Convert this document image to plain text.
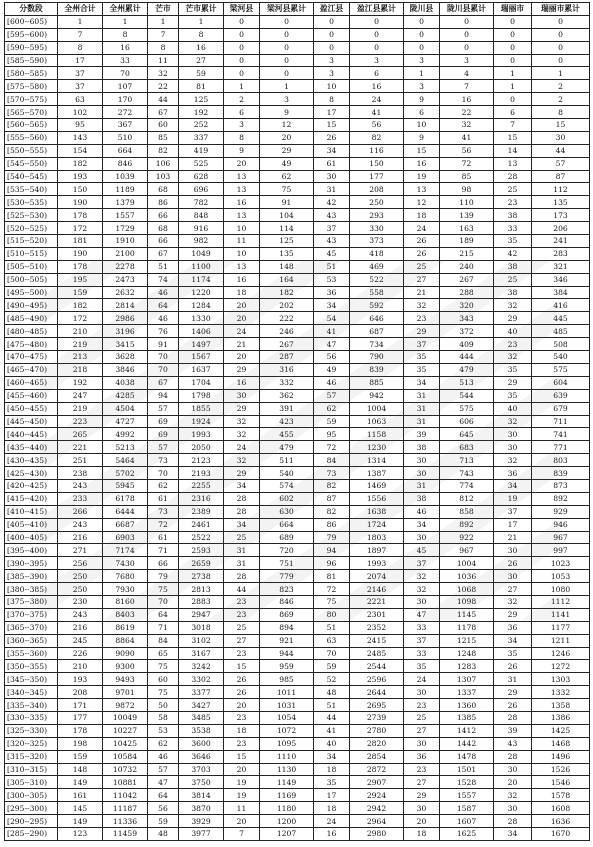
分数段	全州合计	全州累计	芒市	芒市累计	梁河县	梁河县累计	盈江县	盈江县累计	陇川县	陇川县累计	瑞丽市	瑞丽市累计
[600--605)	1	1	1	1	0	0	0	0	0	0	0	0
[595--600)	7	8	7	8	0	0	0	0	0	0	0	0
[590--595)	8	16	8	16	0	0	0	0	0	0	0	0
[585--590)	17	33	11	27	0	0	3	3	3	3	0	0
[580--585)	37	70	32	59	0	0	3	6	1	4	1	1
[575--580)	37	107	22	81	1	1	10	16	3	7	1	2
[570--575)	63	170	44	125	2	3	8	24	9	16	0	2
[565--570)	102	272	67	192	6	9	17	41	6	22	6	8
[560--565)	95	367	60	252	3	12	15	56	10	32	7	15
[555--560)	143	510	85	337	8	20	26	82	9	41	15	30
[550--555)	154	664	82	419	9	29	34	116	15	56	14	44
[545--550)	182	846	106	525	20	49	61	150	16	72	13	57
[540--545)	193	1039	103	628	13	62	30	177	19	85	28	87
[535--540)	150	1189	68	696	13	75	31	208	13	98	25	112
[530--535)	190	1379	86	782	16	91	42	250	12	110	23	135
[525--530)	178	1557	66	848	13	104	43	293	18	139	38	173
[520--525)	172	1729	68	916	10	114	37	330	24	163	33	206
[515--520)	181	1910	66	982	11	125	43	373	26	189	35	241
[510--515)	190	2100	67	1049	10	135	45	418	26	215	42	283
[505--510)	178	2278	51	1100	13	148	51	469	25	240	38	321
[500--505)	195	2473	74	1174	16	164	53	522	27	267	25	346
[495--500)	159	2632	46	1220	18	182	36	558	21	288	38	384
[490--495)	182	2814	64	1284	20	202	34	592	32	320	32	416
[485--490)	172	2986	46	1330	20	222	54	646	23	343	29	445
[480--485)	210	3196	76	1406	24	246	41	687	29	372	40	485
[475--480)	219	3415	91	1497	21	267	47	734	37	409	23	508
[470--475)	213	3628	70	1567	20	287	56	790	35	444	32	540
[465--470)	218	3846	70	1637	29	316	49	839	35	479	35	575
[460--465)	192	4038	67	1704	16	332	46	885	34	513	29	604
[455--460)	247	4285	94	1798	30	362	57	942	31	544	35	639
[450--455)	219	4504	57	1855	29	391	62	1004	31	575	40	679
[445--450)	223	4727	69	1924	32	423	59	1063	31	606	32	711
[440--445)	265	4992	69	1993	32	455	95	1158	39	645	30	741
[435--440)	221	5213	57	2050	24	479	72	1230	38	683	30	771
[430--435)	251	5464	73	2123	32	511	84	1314	30	713	32	803
[425--430)	238	5702	70	2193	29	540	73	1387	30	743	36	839
[420--425)	243	5945	62	2255	34	574	82	1469	31	774	34	873
[415--420)	233	6178	61	2316	28	602	87	1556	38	812	19	892
[410--415)	266	6444	73	2389	28	630	82	1638	46	858	37	929
[405--410)	243	6687	72	2461	34	664	86	1724	34	892	17	946
[400--405)	216	6903	61	2522	25	689	79	1803	30	922	21	967
[395--400)	271	7174	71	2593	31	720	94	1897	45	967	30	997
[390--395)	256	7430	66	2659	31	751	96	1993	37	1004	26	1023
[385--390)	250	7680	79	2738	28	779	81	2074	32	1036	30	1053
[380--385)	250	7930	75	2813	44	823	72	2146	32	1068	27	1080
[375--380)	230	8160	70	2883	23	846	75	2221	30	1098	32	1112
[370--375)	243	8403	64	2947	23	869	80	2301	47	1145	29	1141
[365--370)	216	8619	71	3018	25	894	51	2352	33	1178	36	1177
[360--365)	245	8864	84	3102	27	921	63	2415	37	1215	34	1211
[355--360)	226	9090	65	3167	23	944	70	2485	33	1248	35	1246
[350--355)	210	9300	75	3242	15	959	59	2544	35	1283	26	1272
[345--350)	193	9493	60	3302	26	985	52	2596	24	1307	31	1303
[340--345)	208	9701	75	3377	26	1011	48	2644	30	1337	29	1332
[335--340)	171	9872	50	3427	20	1031	51	2695	23	1360	26	1358
[330--335)	177	10049	58	3485	23	1054	44	2739	25	1385	28	1386
[325--330)	178	10227	53	3538	18	1072	41	2780	27	1412	39	1425
[320--325)	198	10425	62	3600	23	1095	40	2820	30	1442	43	1468
[315--320)	159	10584	46	3646	15	1110	34	2854	36	1478	28	1496
[310--315)	148	10732	57	3703	20	1130	18	2872	23	1501	30	1526
[305--310)	149	10881	47	3750	19	1149	35	2907	27	1528	20	1546
[300--305)	161	11042	64	3814	19	1169	17	2924	29	1557	32	1578
[295--300)	145	11187	56	3870	11	1180	18	2942	30	1587	30	1608
[290--295)	149	11336	59	3929	20	1200	24	2964	20	1607	28	1636
[285--290)	123	11459	48	3977	7	1207	16	2980	18	1625	34	1670
